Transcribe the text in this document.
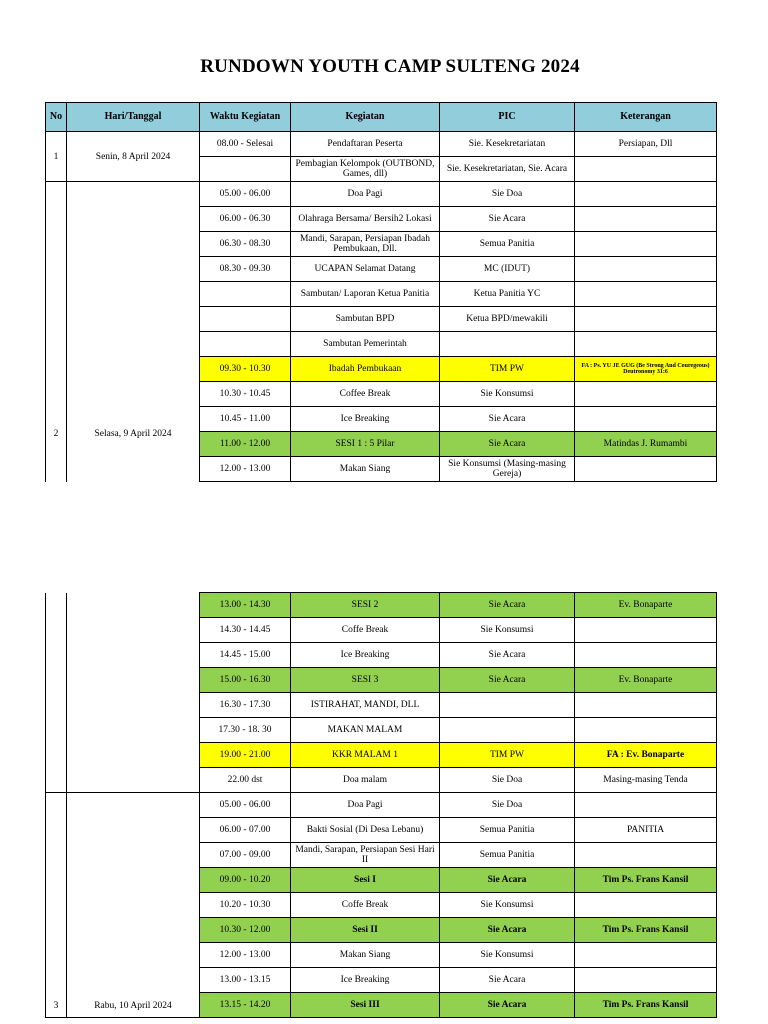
RUNDOWN YOUTH CAMP SULTENG 2024
No	Hari/Tanggal	Waktu Kegiatan	Kegiatan	PIC	Keterangan
1	Senin, 8 April 2024	08.00 - Selesai	Pendaftaran Peserta	Sie. Kesekretariatan	Persiapan, Dll
			Pembagian Kelompok (OUTBOND, Games, dll)	Sie. Kesekretariatan, Sie. Acara	
2	Selasa, 9 April 2024	05.00 - 06.00	Doa Pagi	Sie Doa	
		06.00 - 06.30	Olahraga Bersama/ Bersih2 Lokasi	Sie Acara	
		06.30 - 08.30	Mandi, Sarapan, Persiapan Ibadah Pembukaan, Dll.	Semua Panitia	
		08.30 - 09.30	UCAPAN Selamat Datang	MC (IDUT)	
			Sambutan/ Laporan Ketua Panitia	Ketua Panitia YC	
			Sambutan BPD	Ketua BPD/mewakili	
			Sambutan Pemerintah		
		09.30 - 10.30	Ibadah Pembukaan	TIM PW	FA : Ps. YU JE GUG (Be Strong And Couregeous) Deutronomy 31:6
		10.30 - 10.45	Coffee Break	Sie Konsumsi	
		10.45 - 11.00	Ice Breaking	Sie Acara	
		11.00 - 12.00	SESI 1 : 5 Pilar	Sie Acara	Matindas J. Rumambi
		12.00 - 13.00	Makan Siang	Sie Konsumsi (Masing-masing Gereja)	
		13.00 - 14.30	SESI 2	Sie Acara	Ev. Bonaparte
		14.30 - 14.45	Coffe Break	Sie Konsumsi	
		14.45 - 15.00	Ice Breaking	Sie Acara	
		15.00 - 16.30	SESI 3	Sie Acara	Ev. Bonaparte
		16.30 - 17.30	ISTIRAHAT, MANDI, DLL		
		17.30 - 18. 30	MAKAN MALAM		
		19.00 - 21.00	KKR MALAM 1	TIM PW	FA : Ev. Bonaparte
		22.00 dst	Doa malam	Sie Doa	Masing-masing Tenda
3	Rabu, 10 April 2024	05.00 - 06.00	Doa Pagi	Sie Doa	
		06.00 - 07.00	Bakti Sosial (Di Desa Lebanu)	Semua Panitia	PANITIA
		07.00 - 09.00	Mandi, Sarapan, Persiapan Sesi Hari II	Semua Panitia	
		09.00 - 10.20	Sesi I	Sie Acara	Tim Ps. Frans Kansil
		10.20 - 10.30	Coffe Break	Sie Konsumsi	
		10.30 - 12.00	Sesi II	Sie Acara	Tim Ps. Frans Kansil
		12.00 - 13.00	Makan Siang	Sie Konsumsi	
		13.00 - 13.15	Ice Breaking	Sie Acara	
		13.15 - 14.20	Sesi III	Sie Acara	Tim Ps. Frans Kansil
